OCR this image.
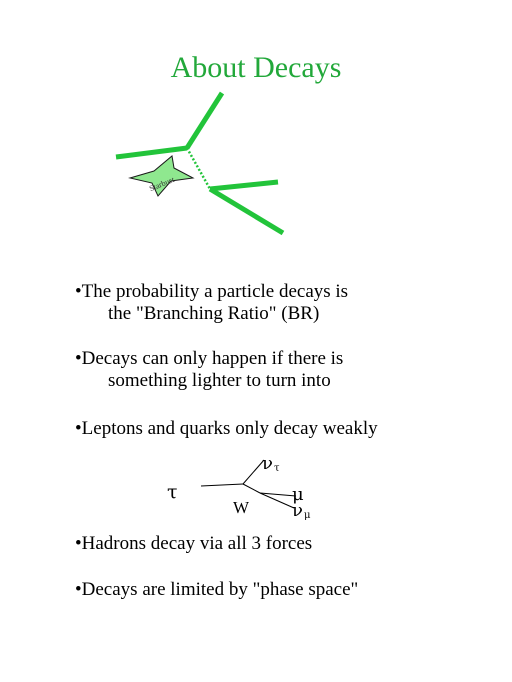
About Decays
Starbust
•The probability a particle decays is
the "Branching Ratio" (BR)
•Decays can only happen if there is
something lighter to turn into
•Leptons and quarks only decay weakly
τ
W
ν τ
μ
ν μ
•Hadrons decay via all 3 forces
•Decays are limited by "phase space"
